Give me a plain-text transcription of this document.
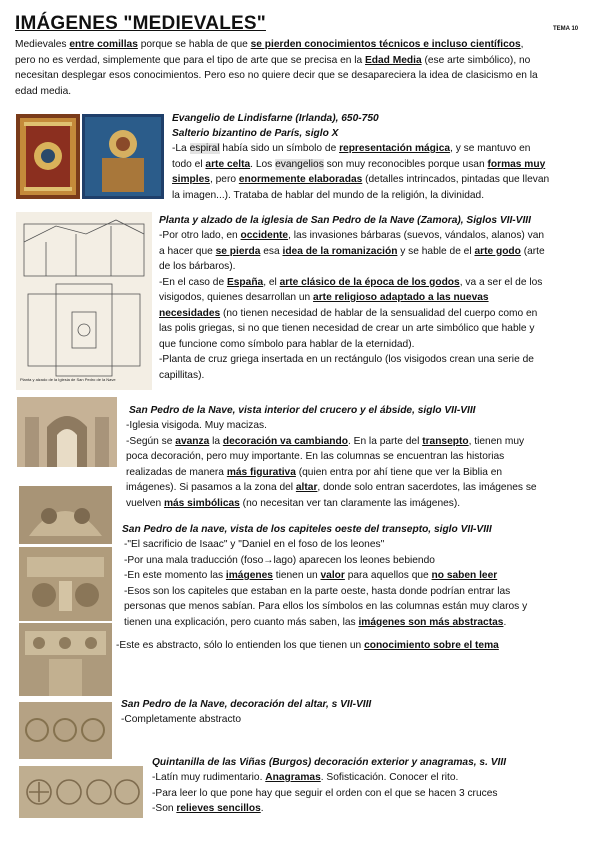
IMÁGENES "MEDIEVALES"	TEMA 10
Medievales entre comillas porque se habla de que se pierden conocimientos técnicos e incluso científicos,
pero no es verdad, simplemente que para el tipo de arte que se precisa en la Edad Media (ese arte simbólico), no
necesitan desplegar esos conocimientos. Pero eso no quiere decir que se desapareciera la idea de clasicismo en la
edad media.
Evangelio de Lindisfarne (Irlanda), 650-750
Salterio bizantino de París, siglo X
-La espiral había sido un símbolo de representación mágica, y se mantuvo en
todo el arte celta. Los evangelios son muy reconocibles porque usan formas muy
simples, pero enormemente elaboradas (detalles intrincados, pintadas que llevan
la imagen...). Trataba de hablar del mundo de la religión, la divinidad.
Planta y alzado de la Iglesia de San Pedro de la Nave
Planta y alzado de la iglesia de San Pedro de la Nave (Zamora), Siglos VII-VIII
-Por otro lado, en occidente, las invasiones bárbaras (suevos, vándalos, alanos) van
a hacer que se pierda esa idea de la romanización y se hable de el arte godo (arte
de los bárbaros).
-En el caso de España, el arte clásico de la época de los godos, va a ser el de los
visigodos, quienes desarrollan un arte religioso adaptado a las nuevas
necesidades (no tienen necesidad de hablar de la sensualidad del cuerpo como en
las polis griegas, si no que tienen necesidad de crear un arte simbólico que hable y
que funcione como símbolo para hablar de la eternidad).
-Planta de cruz griega insertada en un rectángulo (los visigodos crean una serie de
capillitas).
San Pedro de la Nave, vista interior del crucero y el ábside, siglo VII-VIII
-Iglesia visigoda. Muy macizas.
-Según se avanza la decoración va cambiando. En la parte del transepto, tienen muy
poca decoración, pero muy importante. En las columnas se encuentran las historias
realizadas de manera más figurativa (quien entra por ahí tiene que ver la Biblia en
imágenes). Si pasamos a la zona del altar, donde solo entran sacerdotes, las imágenes se
vuelven más simbólicas (no necesitan ver tan claramente las imágenes).
San Pedro de la nave, vista de los capiteles oeste del transepto, siglo VII-VIII
-"El sacrificio de Isaac" y "Daniel en el foso de los leones"
-Por una mala traducción (foso→lago) aparecen los leones bebiendo
-En este momento las imágenes tienen un valor para aquellos que no saben leer
-Esos son los capiteles que estaban en la parte oeste, hasta donde podrían entrar las
personas que menos sabían. Para ellos los símbolos en las columnas están muy claros y
tienen una explicación, pero cuanto más saben, las imágenes son más abstractas.
-Este es abstracto, sólo lo entienden los que tienen un conocimiento sobre el tema
San Pedro de la Nave, decoración del altar, s VII-VIII
-Completamente abstracto
Quintanilla de las Viñas (Burgos) decoración exterior y anagramas, s. VIII
-Latín muy rudimentario. Anagramas. Sofisticación. Conocer el rito.
-Para leer lo que pone hay que seguir el orden con el que se hacen 3 cruces
-Son relieves sencillos.
